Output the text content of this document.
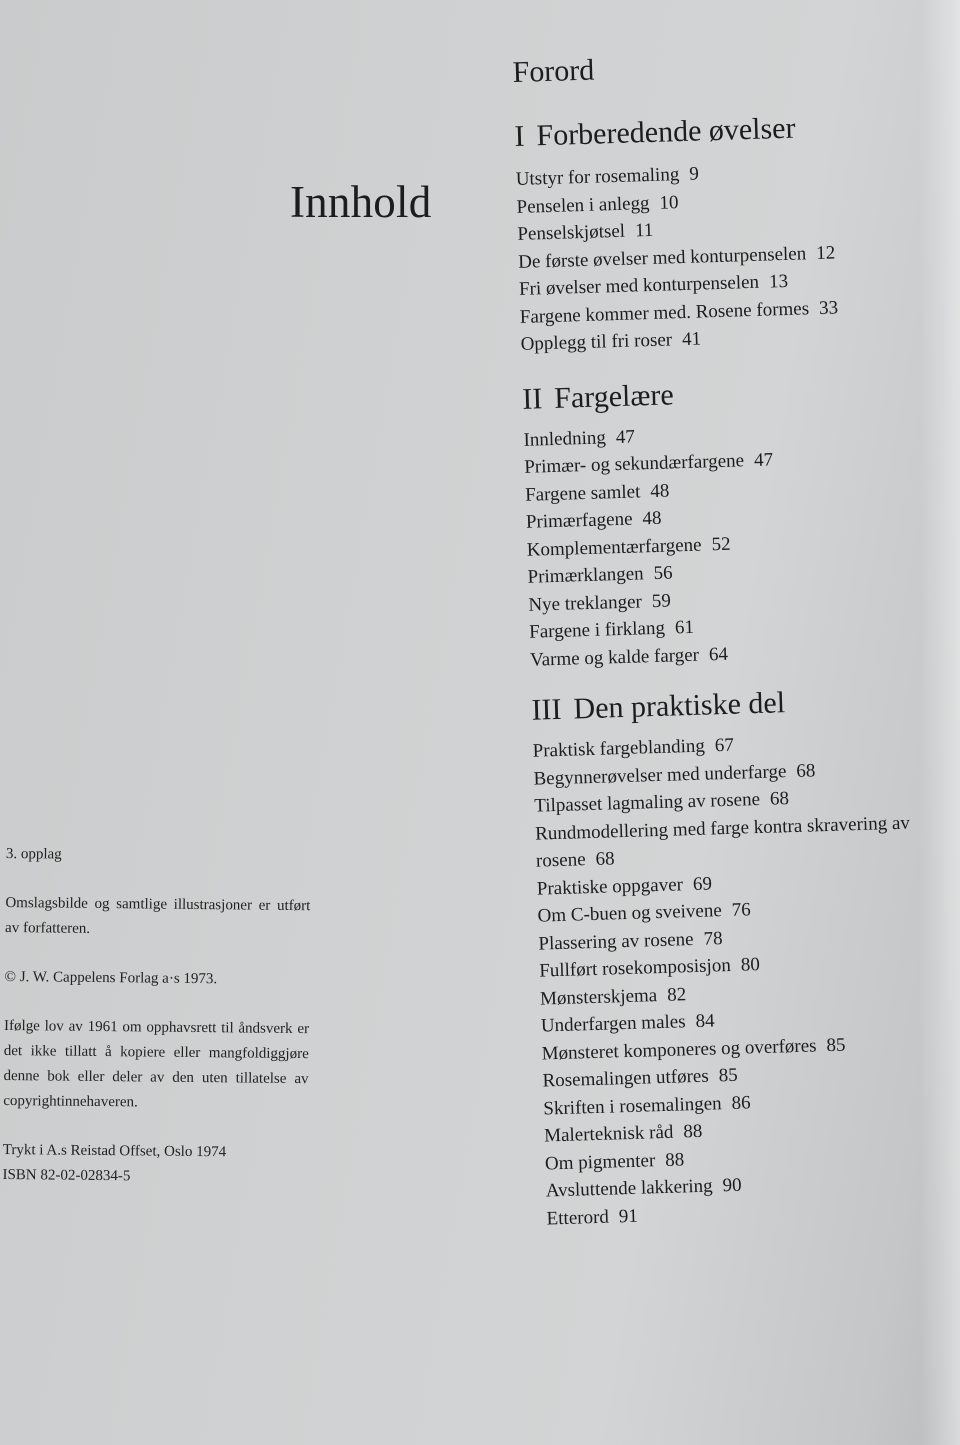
Innhold
Forord
I Forberedende øvelser
Utstyr for rosemaling 9
Penselen i anlegg 10
Penselskjøtsel 11
De første øvelser med konturpenselen 12
Fri øvelser med konturpenselen 13
Fargene kommer med. Rosene formes 33
Opplegg til fri roser 41
II Fargelære
Innledning 47
Primær- og sekundærfargene 47
Fargene samlet 48
Primærfagene 48
Komplementærfargene 52
Primærklangen 56
Nye treklanger 59
Fargene i firklang 61
Varme og kalde farger 64
III Den praktiske del
Praktisk fargeblanding 67
Begynnerøvelser med underfarge 68
Tilpasset lagmaling av rosene 68
Rundmodellering med farge kontra skravering av rosene 68
Praktiske oppgaver 69
Om C-buen og sveivene 76
Plassering av rosene 78
Fullført rosekomposisjon 80
Mønsterskjema 82
Underfargen males 84
Mønsteret komponeres og overføres 85
Rosemalingen utføres 85
Skriften i rosemalingen 86
Malerteknisk råd 88
Om pigmenter 88
Avsluttende lakkering 90
Etterord 91

3. opplag

Omslagsbilde og samtlige illustrasjoner er utført av forfatteren.

© J. W. Cappelens Forlag a·s 1973.

Ifølge lov av 1961 om opphavsrett til åndsverk er det ikke tillatt å kopiere eller mangfoldiggjøre denne bok eller deler av den uten tillatelse av copyrightinnehaveren.

Trykt i A.s Reistad Offset, Oslo 1974

ISBN 82-02-02834-5
